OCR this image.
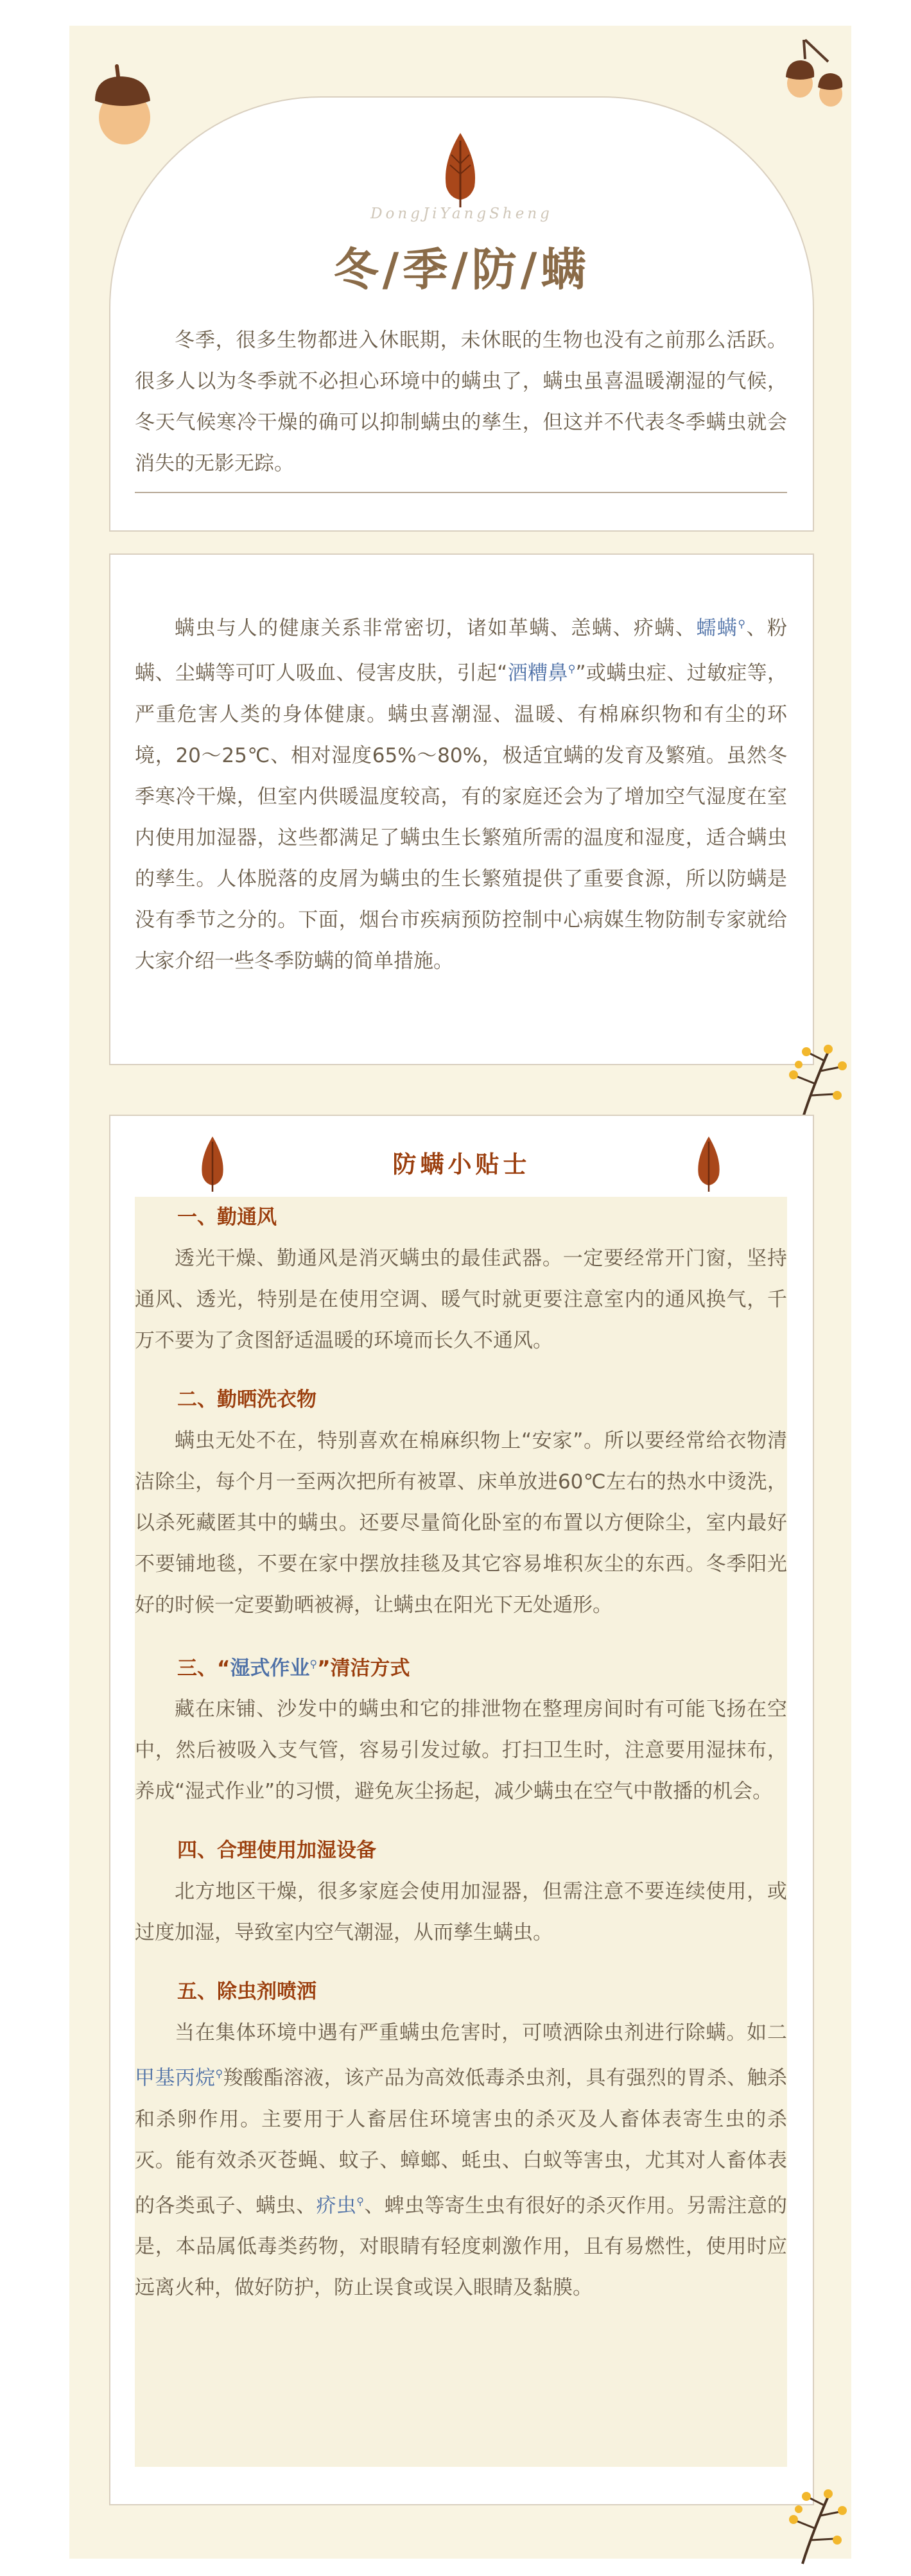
DongJiYangSheng
冬/季/防/螨

冬季，很多生物都进入休眠期，未休眠的生物也没有之前那么活跃。很多人以为冬季就不必担心环境中的螨虫了，螨虫虽喜温暖潮湿的气候，冬天气候寒冷干燥的确可以抑制螨虫的孳生，但这并不代表冬季螨虫就会消失的无影无踪。

螨虫与人的健康关系非常密切，诸如革螨、恙螨、疥螨、蠕螨⚲、粉螨、尘螨等可叮人吸血、侵害皮肤，引起“酒糟鼻⚲”或螨虫症、过敏症等，严重危害人类的身体健康。螨虫喜潮湿、温暖、有棉麻织物和有尘的环境，20～25℃、相对湿度65%～80%，极适宜螨的发育及繁殖。虽然冬季寒冷干燥，但室内供暖温度较高，有的家庭还会为了增加空气湿度在室内使用加湿器，这些都满足了螨虫生长繁殖所需的温度和湿度，适合螨虫的孳生。人体脱落的皮屑为螨虫的生长繁殖提供了重要食源，所以防螨是没有季节之分的。下面，烟台市疾病预防控制中心病媒生物防制专家就给大家介绍一些冬季防螨的简单措施。

防螨小贴士

一、勤通风

透光干燥、勤通风是消灭螨虫的最佳武器。一定要经常开门窗，坚持通风、透光，特别是在使用空调、暖气时就更要注意室内的通风换气，千万不要为了贪图舒适温暖的环境而长久不通风。

二、勤晒洗衣物

螨虫无处不在，特别喜欢在棉麻织物上“安家”。所以要经常给衣物清洁除尘，每个月一至两次把所有被罩、床单放进60℃左右的热水中烫洗，以杀死藏匿其中的螨虫。还要尽量简化卧室的布置以方便除尘，室内最好不要铺地毯，不要在家中摆放挂毯及其它容易堆积灰尘的东西。冬季阳光好的时候一定要勤晒被褥，让螨虫在阳光下无处遁形。

三、“湿式作业⚲”清洁方式

藏在床铺、沙发中的螨虫和它的排泄物在整理房间时有可能飞扬在空中，然后被吸入支气管，容易引发过敏。打扫卫生时，注意要用湿抹布，养成“湿式作业”的习惯，避免灰尘扬起，减少螨虫在空气中散播的机会。

四、合理使用加湿设备

北方地区干燥，很多家庭会使用加湿器，但需注意不要连续使用，或过度加湿，导致室内空气潮湿，从而孳生螨虫。

五、除虫剂喷洒

当在集体环境中遇有严重螨虫危害时，可喷洒除虫剂进行除螨。如二甲基丙烷⚲羧酸酯溶液，该产品为高效低毒杀虫剂，具有强烈的胃杀、触杀和杀卵作用。主要用于人畜居住环境害虫的杀灭及人畜体表寄生虫的杀灭。能有效杀灭苍蝇、蚊子、蟑螂、蚝虫、白蚁等害虫，尤其对人畜体表的各类虱子、螨虫、疥虫⚲、蜱虫等寄生虫有很好的杀灭作用。另需注意的是，本品属低毒类药物，对眼睛有轻度刺激作用，且有易燃性，使用时应远离火种，做好防护，防止误食或误入眼睛及黏膜。
